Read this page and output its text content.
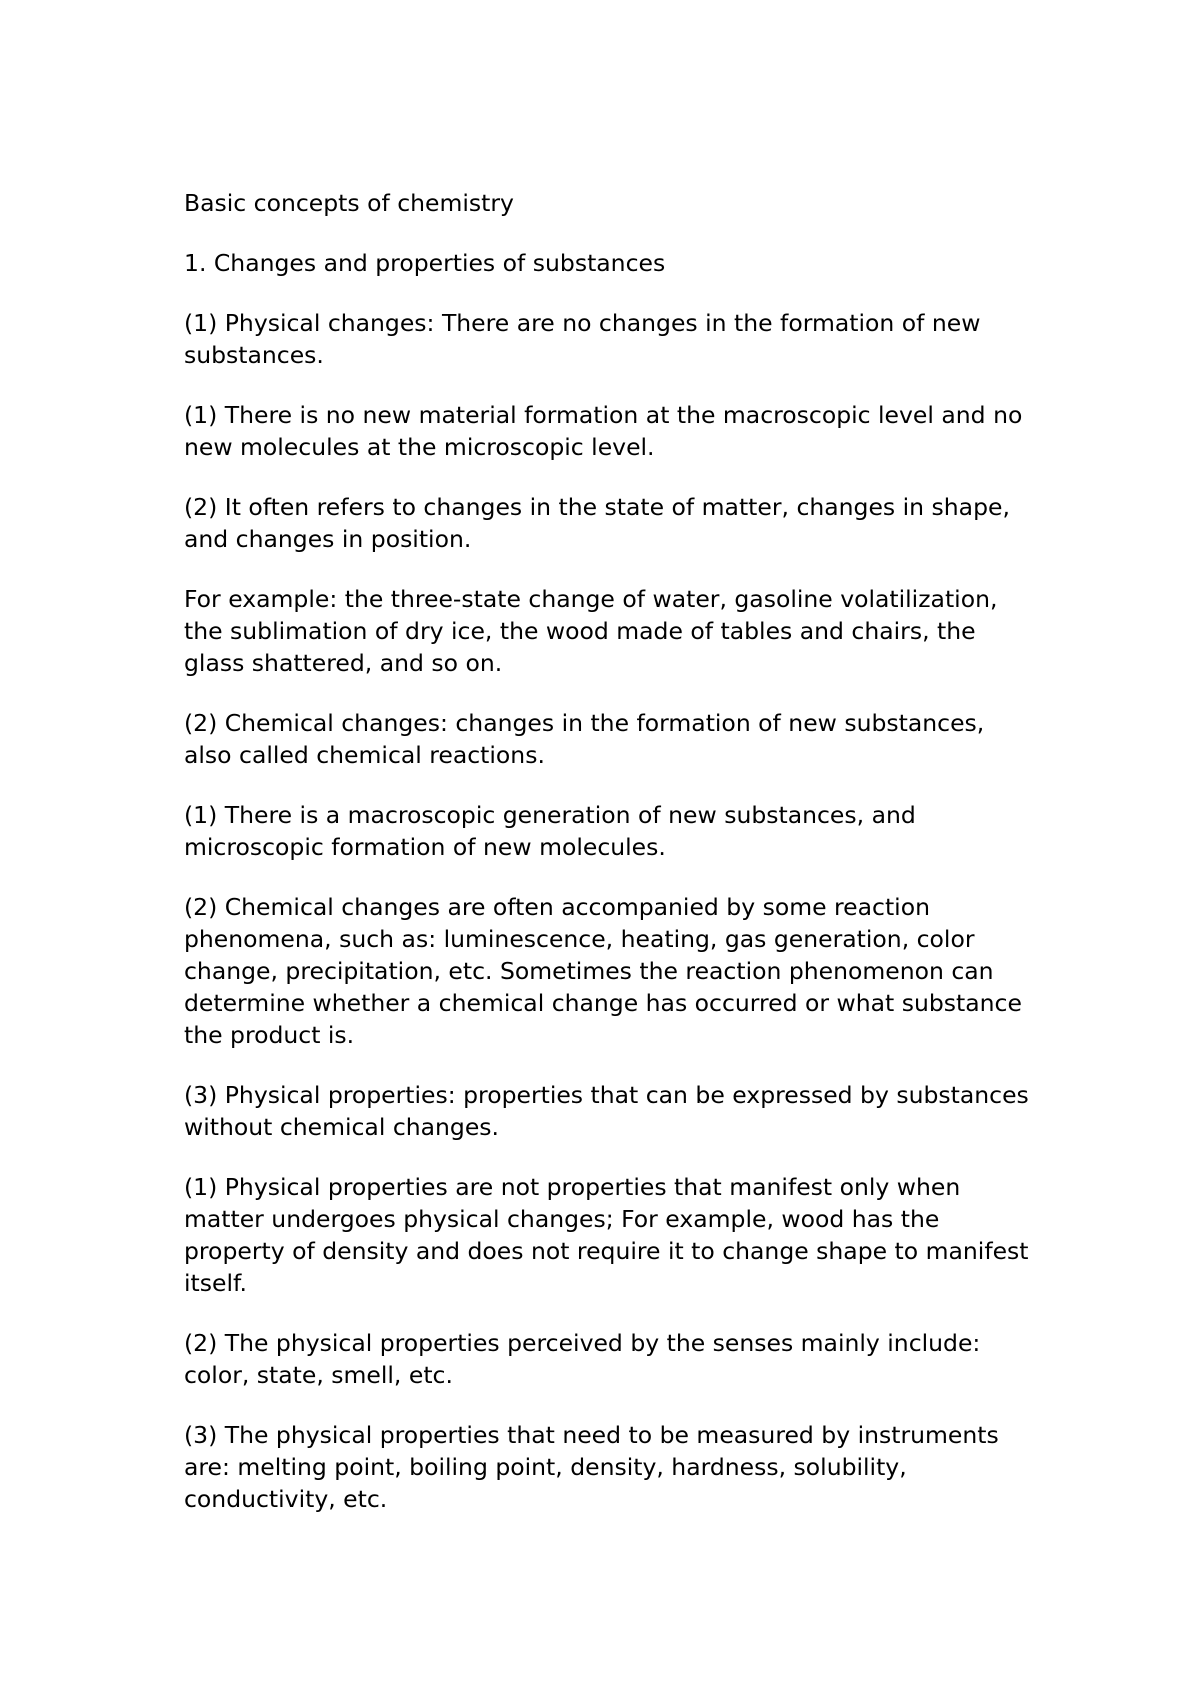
Basic concepts of chemistry

1. Changes and properties of substances

(1) Physical changes: There are no changes in the formation of new substances.

(1) There is no new material formation at the macroscopic level and no new molecules at the microscopic level.

(2) It often refers to changes in the state of matter, changes in shape, and changes in position.

For example: the three-state change of water, gasoline volatilization, the sublimation of dry ice, the wood made of tables and chairs, the glass shattered, and so on.

(2) Chemical changes: changes in the formation of new substances, also called chemical reactions.

(1) There is a macroscopic generation of new substances, and microscopic formation of new molecules.

(2) Chemical changes are often accompanied by some reaction phenomena, such as: luminescence, heating, gas generation, color change, precipitation, etc. Sometimes the reaction phenomenon can determine whether a chemical change has occurred or what substance the product is.

(3) Physical properties: properties that can be expressed by substances without chemical changes.

(1) Physical properties are not properties that manifest only when matter undergoes physical changes; For example, wood has the property of density and does not require it to change shape to manifest itself.

(2) The physical properties perceived by the senses mainly include: color, state, smell, etc.

(3) The physical properties that need to be measured by instruments are: melting point, boiling point, density, hardness, solubility, conductivity, etc.
